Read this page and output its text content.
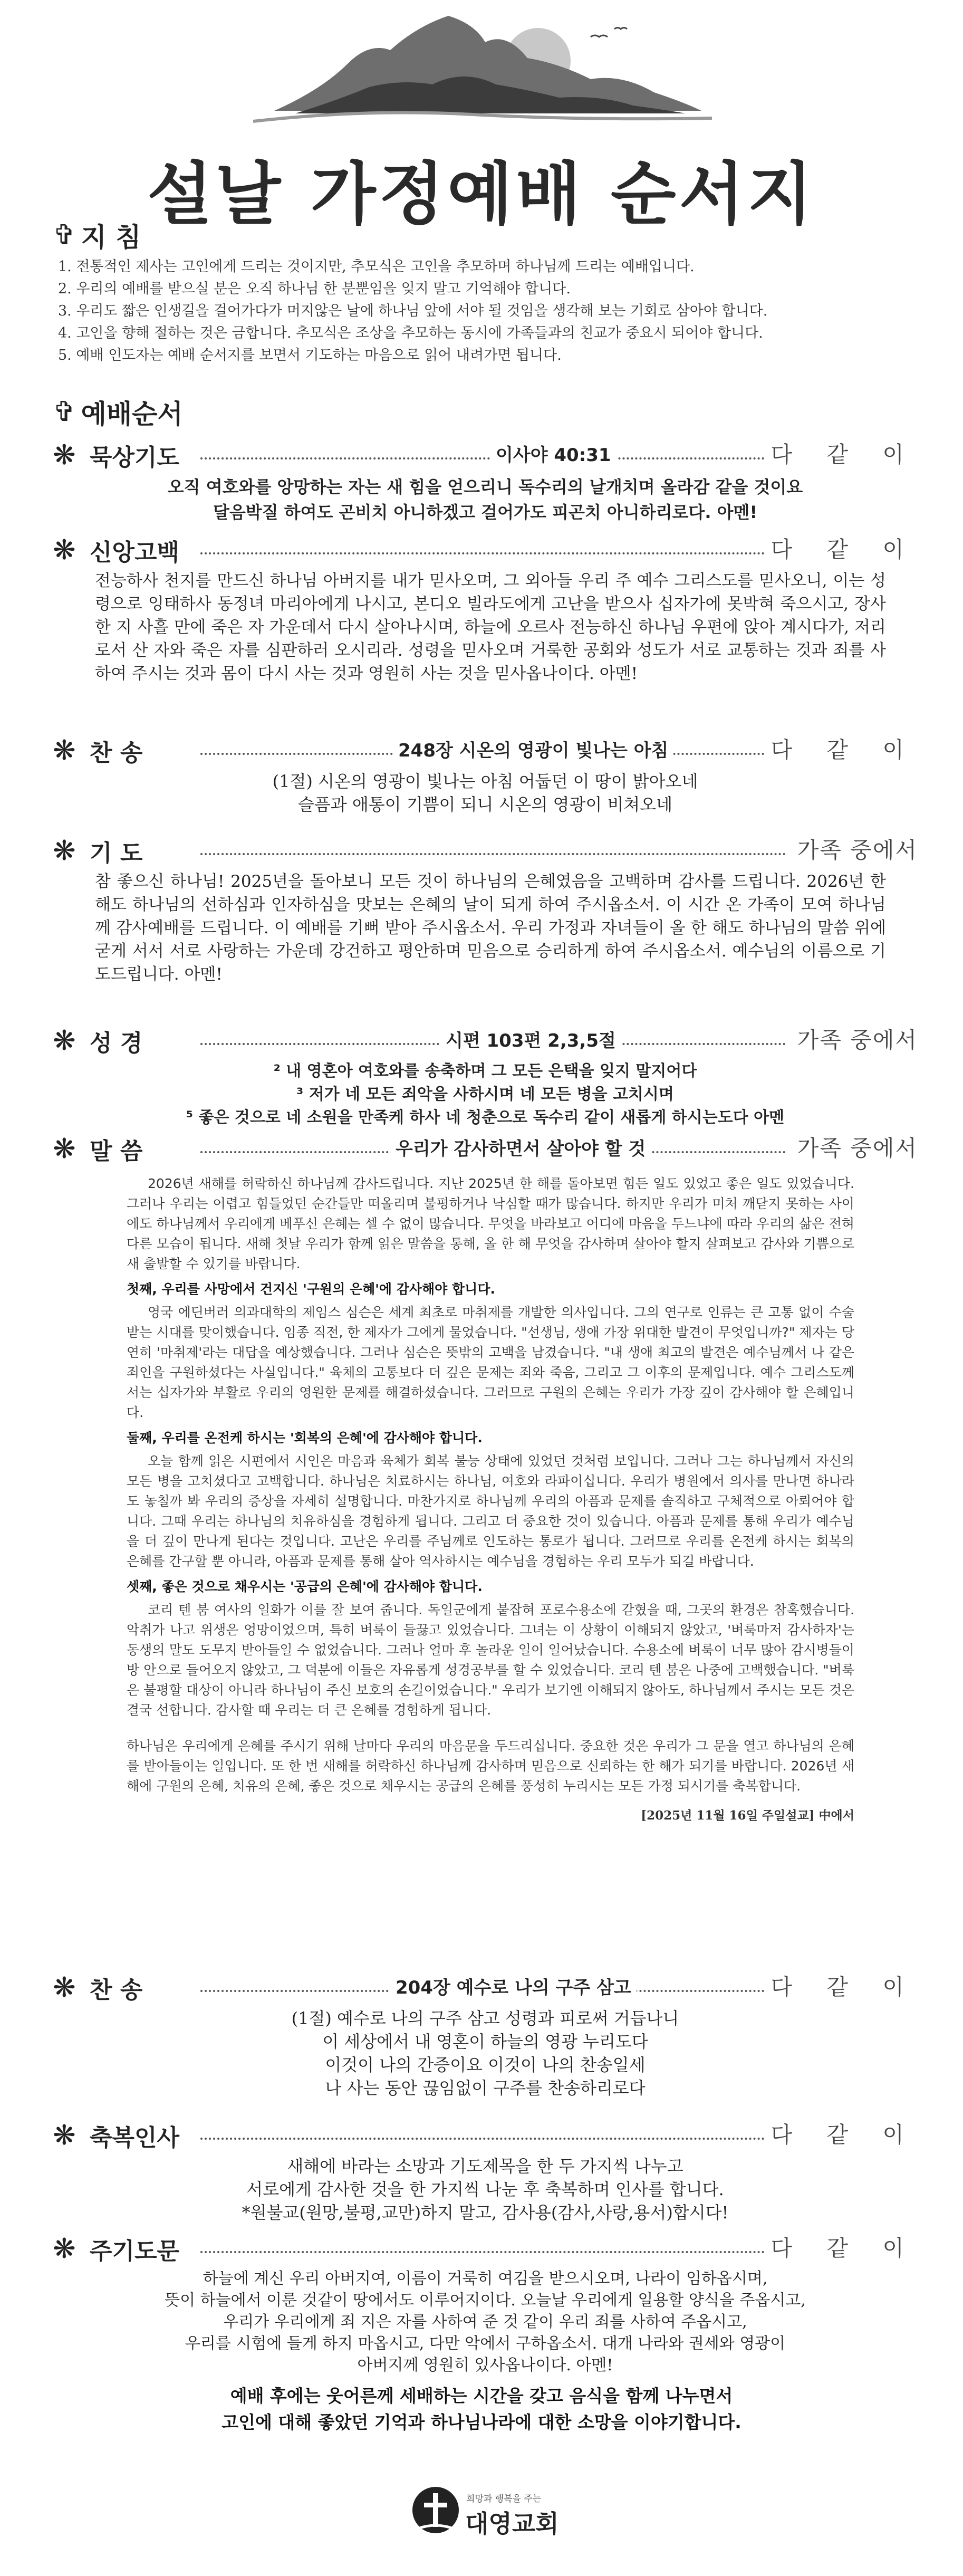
설날 가정예배 순서지
✞ 지 침
1. 전통적인 제사는 고인에게 드리는 것이지만, 추모식은 고인을 추모하며 하나님께 드리는 예배입니다.
2. 우리의 예배를 받으실 분은 오직 하나님 한 분뿐임을 잊지 말고 기억해야 합니다.
3. 우리도 짧은 인생길을 걸어가다가 머지않은 날에 하나님 앞에 서야 될 것임을 생각해 보는 기회로 삼아야 합니다.
4. 고인을 향해 절하는 것은 금합니다. 추모식은 조상을 추모하는 동시에 가족들과의 친교가 중요시 되어야 합니다.
5. 예배 인도자는 예배 순서지를 보면서 기도하는 마음으로 읽어 내려가면 됩니다.
✞ 예배순서
❋ 묵상기도	이사야 40:31	다 같 이
오직 여호와를 앙망하는 자는 새 힘을 얻으리니 독수리의 날개치며 올라감 같을 것이요
달음박질 하여도 곤비치 아니하겠고 걸어가도 피곤치 아니하리로다. 아멘!
❋ 신앙고백	다 같 이
전능하사 천지를 만드신 하나님 아버지를 내가 믿사오며, 그 외아들 우리 주 예수 그리스도를 믿사오니, 이는 성령으로 잉태하사 동정녀 마리아에게 나시고, 본디오 빌라도에게 고난을 받으사 십자가에 못박혀 죽으시고, 장사한 지 사흘 만에 죽은 자 가운데서 다시 살아나시며, 하늘에 오르사 전능하신 하나님 우편에 앉아 계시다가, 저리로서 산 자와 죽은 자를 심판하러 오시리라. 성령을 믿사오며 거룩한 공회와 성도가 서로 교통하는 것과 죄를 사하여 주시는 것과 몸이 다시 사는 것과 영원히 사는 것을 믿사옵나이다. 아멘!
❋ 찬 송	248장 시온의 영광이 빛나는 아침	다 같 이
(1절) 시온의 영광이 빛나는 아침 어둡던 이 땅이 밝아오네
슬픔과 애통이 기쁨이 되니 시온의 영광이 비쳐오네
❋ 기 도	가족 중에서
참 좋으신 하나님! 2025년을 돌아보니 모든 것이 하나님의 은혜였음을 고백하며 감사를 드립니다. 2026년 한 해도 하나님의 선하심과 인자하심을 맛보는 은혜의 날이 되게 하여 주시옵소서. 이 시간 온 가족이 모여 하나님께 감사예배를 드립니다. 이 예배를 기뻐 받아 주시옵소서. 우리 가정과 자녀들이 올 한 해도 하나님의 말씀 위에 굳게 서서 서로 사랑하는 가운데 강건하고 평안하며 믿음으로 승리하게 하여 주시옵소서. 예수님의 이름으로 기도드립니다. 아멘!
❋ 성 경	시편 103편 2,3,5절	가족 중에서
² 내 영혼아 여호와를 송축하며 그 모든 은택을 잊지 말지어다
³ 저가 네 모든 죄악을 사하시며 네 모든 병을 고치시며
⁵ 좋은 것으로 네 소원을 만족케 하사 네 청춘으로 독수리 같이 새롭게 하시는도다 아멘
❋ 말 씀	우리가 감사하면서 살아야 할 것	가족 중에서

2026년 새해를 허락하신 하나님께 감사드립니다. 지난 2025년 한 해를 돌아보면 힘든 일도 있었고 좋은 일도 있었습니다. 그러나 우리는 어렵고 힘들었던 순간들만 떠올리며 불평하거나 낙심할 때가 많습니다. 하지만 우리가 미처 깨닫지 못하는 사이에도 하나님께서 우리에게 베푸신 은혜는 셀 수 없이 많습니다. 무엇을 바라보고 어디에 마음을 두느냐에 따라 우리의 삶은 전혀 다른 모습이 됩니다. 새해 첫날 우리가 함께 읽은 말씀을 통해, 올 한 해 무엇을 감사하며 살아야 할지 살펴보고 감사와 기쁨으로 새 출발할 수 있기를 바랍니다.

첫째, 우리를 사망에서 건지신 '구원의 은혜'에 감사해야 합니다.

영국 에딘버러 의과대학의 제임스 심슨은 세계 최초로 마취제를 개발한 의사입니다. 그의 연구로 인류는 큰 고통 없이 수술받는 시대를 맞이했습니다. 임종 직전, 한 제자가 그에게 물었습니다. "선생님, 생애 가장 위대한 발견이 무엇입니까?" 제자는 당연히 '마취제'라는 대답을 예상했습니다. 그러나 심슨은 뜻밖의 고백을 남겼습니다. "내 생애 최고의 발견은 예수님께서 나 같은 죄인을 구원하셨다는 사실입니다." 육체의 고통보다 더 깊은 문제는 죄와 죽음, 그리고 그 이후의 문제입니다. 예수 그리스도께서는 십자가와 부활로 우리의 영원한 문제를 해결하셨습니다. 그러므로 구원의 은혜는 우리가 가장 깊이 감사해야 할 은혜입니다.

둘째, 우리를 온전케 하시는 '회복의 은혜'에 감사해야 합니다.

오늘 함께 읽은 시편에서 시인은 마음과 육체가 회복 불능 상태에 있었던 것처럼 보입니다. 그러나 그는 하나님께서 자신의 모든 병을 고치셨다고 고백합니다. 하나님은 치료하시는 하나님, 여호와 라파이십니다. 우리가 병원에서 의사를 만나면 하나라도 놓칠까 봐 우리의 증상을 자세히 설명합니다. 마찬가지로 하나님께 우리의 아픔과 문제를 솔직하고 구체적으로 아뢰어야 합니다. 그때 우리는 하나님의 치유하심을 경험하게 됩니다. 그리고 더 중요한 것이 있습니다. 아픔과 문제를 통해 우리가 예수님을 더 깊이 만나게 된다는 것입니다. 고난은 우리를 주님께로 인도하는 통로가 됩니다. 그러므로 우리를 온전케 하시는 회복의 은혜를 간구할 뿐 아니라, 아픔과 문제를 통해 살아 역사하시는 예수님을 경험하는 우리 모두가 되길 바랍니다.

셋째, 좋은 것으로 채우시는 '공급의 은혜'에 감사해야 합니다.

코리 텐 붐 여사의 일화가 이를 잘 보여 줍니다. 독일군에게 붙잡혀 포로수용소에 갇혔을 때, 그곳의 환경은 참혹했습니다. 악취가 나고 위생은 엉망이었으며, 특히 벼룩이 들끓고 있었습니다. 그녀는 이 상황이 이해되지 않았고, '벼룩마저 감사하자'는 동생의 말도 도무지 받아들일 수 없었습니다. 그러나 얼마 후 놀라운 일이 일어났습니다. 수용소에 벼룩이 너무 많아 감시병들이 방 안으로 들어오지 않았고, 그 덕분에 이들은 자유롭게 성경공부를 할 수 있었습니다. 코리 텐 붐은 나중에 고백했습니다. "벼룩은 불평할 대상이 아니라 하나님이 주신 보호의 손길이었습니다." 우리가 보기엔 이해되지 않아도, 하나님께서 주시는 모든 것은 결국 선합니다. 감사할 때 우리는 더 큰 은혜를 경험하게 됩니다.

하나님은 우리에게 은혜를 주시기 위해 날마다 우리의 마음문을 두드리십니다. 중요한 것은 우리가 그 문을 열고 하나님의 은혜를 받아들이는 일입니다. 또 한 번 새해를 허락하신 하나님께 감사하며 믿음으로 신뢰하는 한 해가 되기를 바랍니다. 2026년 새해에 구원의 은혜, 치유의 은혜, 좋은 것으로 채우시는 공급의 은혜를 풍성히 누리시는 모든 가정 되시기를 축복합니다.

[2025년 11월 16일 주일설교] 中에서

❋ 찬 송	204장 예수로 나의 구주 삼고	다 같 이
(1절) 예수로 나의 구주 삼고 성령과 피로써 거듭나니
이 세상에서 내 영혼이 하늘의 영광 누리도다
이것이 나의 간증이요 이것이 나의 찬송일세
나 사는 동안 끊임없이 구주를 찬송하리로다
❋ 축복인사	다 같 이
새해에 바라는 소망과 기도제목을 한 두 가지씩 나누고
서로에게 감사한 것을 한 가지씩 나눈 후 축복하며 인사를 합니다.
*원불교(원망,불평,교만)하지 말고, 감사용(감사,사랑,용서)합시다!
❋ 주기도문	다 같 이
하늘에 계신 우리 아버지여, 이름이 거룩히 여김을 받으시오며, 나라이 임하옵시며,
뜻이 하늘에서 이룬 것같이 땅에서도 이루어지이다. 오늘날 우리에게 일용할 양식을 주옵시고,
우리가 우리에게 죄 지은 자를 사하여 준 것 같이 우리 죄를 사하여 주옵시고,
우리를 시험에 들게 하지 마옵시고, 다만 악에서 구하옵소서. 대개 나라와 권세와 영광이
아버지께 영원히 있사옵나이다. 아멘!
예배 후에는 웃어른께 세배하는 시간을 갖고 음식을 함께 나누면서
고인에 대해 좋았던 기억과 하나님나라에 대한 소망을 이야기합니다.
희망과 행복을 주는
대영교회
